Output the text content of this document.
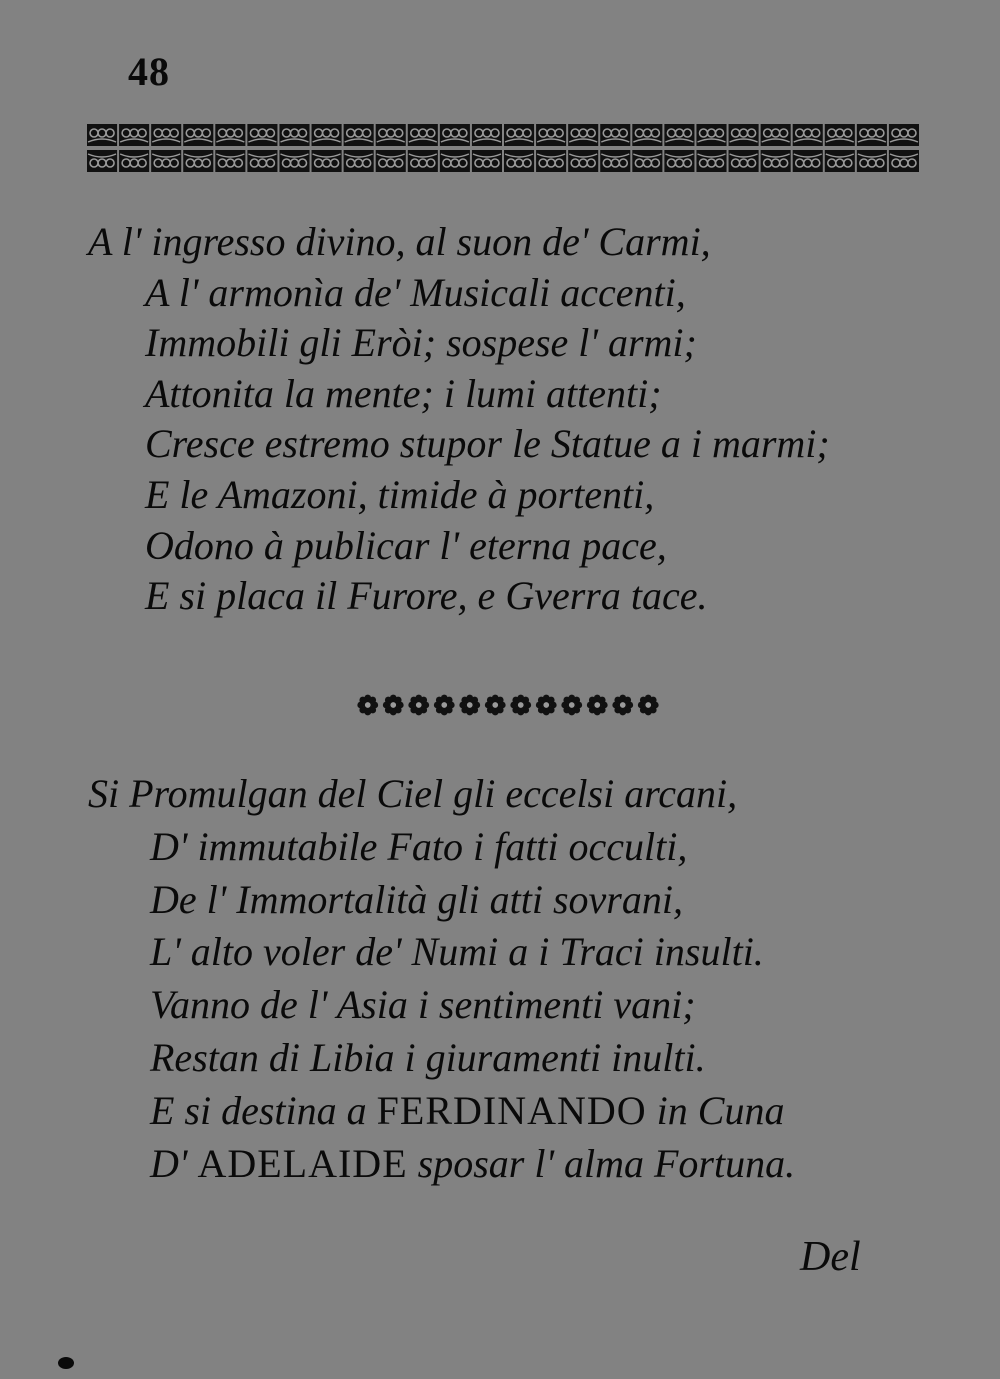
48
A l' ingresso divino, al suon de' Carmi,
A l' armonìa de' Musicali accenti,
Immobili gli Eròi; sospese l' armi;
Attonita la mente; i lumi attenti;
Cresce estremo stupor le Statue a i marmi;
E le Amazoni, timide à portenti,
Odono à publicar l' eterna pace,
E si placa il Furore, e Gverra tace.
Si Promulgan del Ciel gli eccelsi arcani,
D' immutabile Fato i fatti occulti,
De l' Immortalità gli atti sovrani,
L' alto voler de' Numi a i Traci insulti.
Vanno de l' Asia i sentimenti vani;
Restan di Libia i giuramenti inulti.
E si destina a FERDINANDO in Cuna
D' ADELAIDE sposar l' alma Fortuna.
Del
